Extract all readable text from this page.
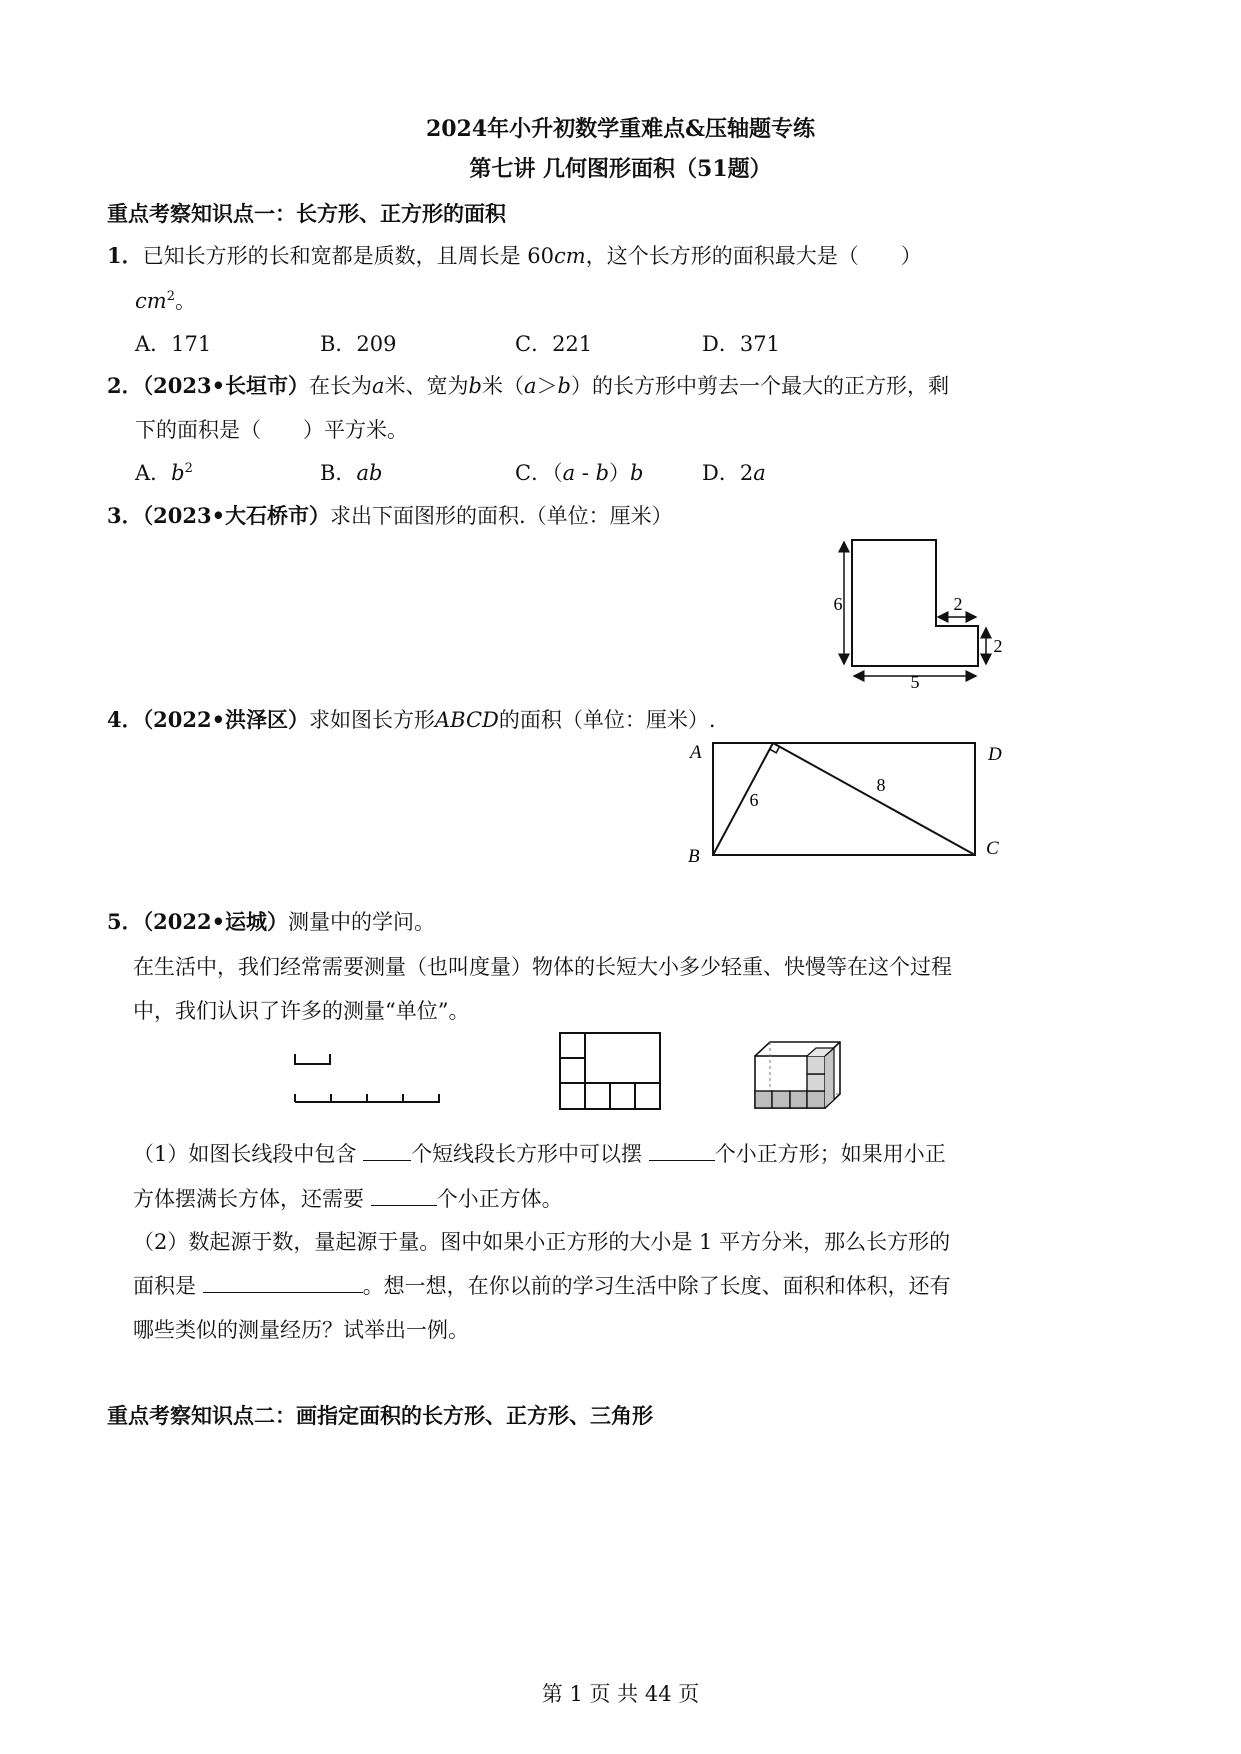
2024年小升初数学重难点&压轴题专练
第七讲 几何图形面积（51题）
重点考察知识点一：长方形、正方形的面积
1．已知长方形的长和宽都是质数，且周长是 60cm，这个长方形的面积最大是（　　）
$cm^2$。
A．171	B．209	C．221	D．371
2．（2023•长垣市）在长为a米、宽为b米（a＞b）的长方形中剪去一个最大的正方形，剩
下的面积是（　　）平方米。
A．$b^2$	B．ab	C．（a - b）b	D．2a
3．（2023•大石桥市）求出下面图形的面积.（单位：厘米）
6	2
2
5
4．（2022•洪泽区）求如图长方形ABCD的面积（单位：厘米）.
A	D
B	C
6
8
5．（2022•运城）测量中的学问。
在生活中，我们经常需要测量（也叫度量）物体的长短大小多少轻重、快慢等在这个过程
中，我们认识了许多的测量“单位”。
（1）如图长线段中包含	个短线段长方形中可以摆	个小正方形；如果用小正
方体摆满长方体，还需要	个小正方体。
（2）数起源于数，量起源于量。图中如果小正方形的大小是 1 平方分米，那么长方形的
面积是	。想一想，在你以前的学习生活中除了长度、面积和体积，还有
哪些类似的测量经历？试举出一例。
重点考察知识点二：画指定面积的长方形、正方形、三角形
第 1 页 共 44 页
